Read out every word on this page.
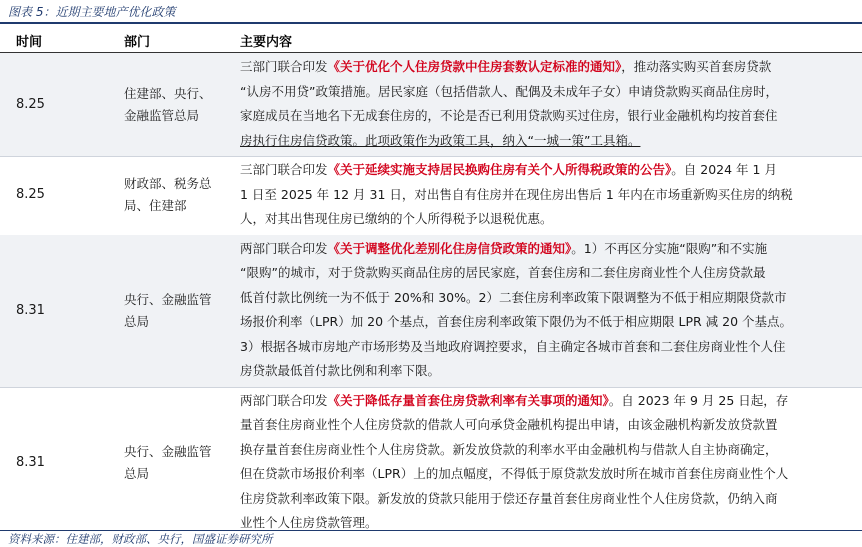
图表 5：近期主要地产优化政策
时间	部门	主要内容
8.25
住建部、央行、
金融监管总局
三部门联合印发《关于优化个人住房贷款中住房套数认定标准的通知》，推动落实购买首套房贷款
“认房不用贷”政策措施。居民家庭（包括借款人、配偶及未成年子女）申请贷款购买商品住房时，
家庭成员在当地名下无成套住房的，不论是否已利用贷款购买过住房，银行业金融机构均按首套住
房执行住房信贷政策。此项政策作为政策工具，纳入“一城一策”工具箱。
8.25
财政部、税务总
局、住建部
三部门联合印发《关于延续实施支持居民换购住房有关个人所得税政策的公告》。自 2024 年 1 月
1 日至 2025 年 12 月 31 日，对出售自有住房并在现住房出售后 1 年内在市场重新购买住房的纳税
人，对其出售现住房已缴纳的个人所得税予以退税优惠。
8.31
央行、金融监管
总局
两部门联合印发《关于调整优化差别化住房信贷政策的通知》。1）不再区分实施“限购”和不实施
“限购”的城市，对于贷款购买商品住房的居民家庭，首套住房和二套住房商业性个人住房贷款最
低首付款比例统一为不低于 20%和 30%。2）二套住房利率政策下限调整为不低于相应期限贷款市
场报价利率（LPR）加 20 个基点，首套住房利率政策下限仍为不低于相应期限 LPR 减 20 个基点。
3）根据各城市房地产市场形势及当地政府调控要求，自主确定各城市首套和二套住房商业性个人住
房贷款最低首付款比例和利率下限。
8.31
央行、金融监管
总局
两部门联合印发《关于降低存量首套住房贷款利率有关事项的通知》。自 2023 年 9 月 25 日起，存
量首套住房商业性个人住房贷款的借款人可向承贷金融机构提出申请，由该金融机构新发放贷款置
换存量首套住房商业性个人住房贷款。新发放贷款的利率水平由金融机构与借款人自主协商确定，
但在贷款市场报价利率（LPR）上的加点幅度，不得低于原贷款发放时所在城市首套住房商业性个人
住房贷款利率政策下限。新发放的贷款只能用于偿还存量首套住房商业性个人住房贷款，仍纳入商
业性个人住房贷款管理。
资料来源：住建部，财政部、央行，国盛证券研究所
